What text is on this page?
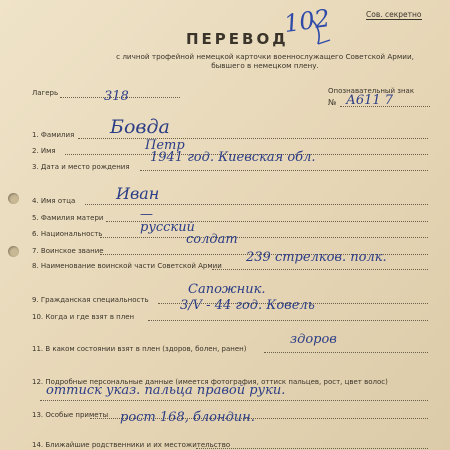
Сов. секретно
ПЕРЕВОД
с личной трофейной немецкой карточки военнослужащего Советской Армии, бывшего в немецком плену.
102
Лагерь	318	Опознавательный знак
№ А611 7
1. Фамилия Бовда
2. Имя	Петр
3. Дата и место рождения
1941 год. Киевская обл.
4. Имя отца	Иван
5. Фамилия матери	—
6. Национальность	русский
7. Воинское звание
солдат
8. Наименование воинской части Советской Армии
239 стрелков. полк.
9. Гражданская специальность
Сапожник.
10. Когда и где взят в плен
3/V - 44 год. Ковель
11. В каком состоянии взят в плен (здоров, болен, ранен)
здоров
12. Подробные персональные данные (имеется фотография, оттиск пальцев, рост, цвет волос)
оттиск указ. пальца правой руки.
13. Особые приметы рост 168, блондин.
14. Ближайшие родственники и их местожительство
